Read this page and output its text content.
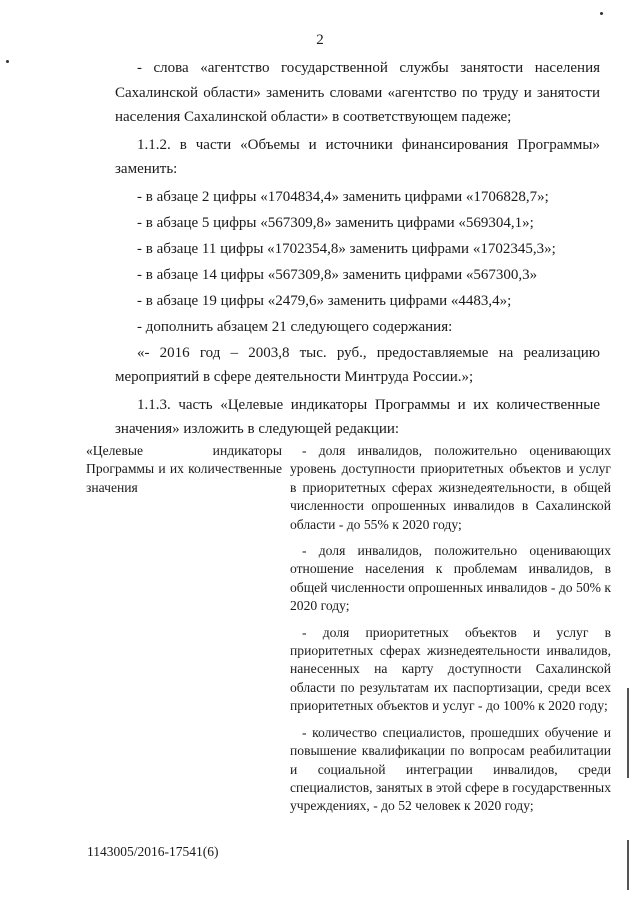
2

- слова «агентство государственной службы занятости населения Сахалинской области» заменить словами «агентство по труду и занятости населения Сахалинской области» в соответствующем падеже;

1.1.2. в части «Объемы и источники финансирования Программы» заменить:

- в абзаце 2 цифры «1704834,4» заменить цифрами «1706828,7»;
- в абзаце 5 цифры «567309,8» заменить цифрами «569304,1»;
- в абзаце 11 цифры «1702354,8» заменить цифрами «1702345,3»;
- в абзаце 14 цифры «567309,8» заменить цифрами «567300,3»
- в абзаце 19 цифры «2479,6» заменить цифрами «4483,4»;
- дополнить абзацем 21 следующего содержания:

«- 2016 год – 2003,8 тыс. руб., предоставляемые на реализацию мероприятий в сфере деятельности Минтруда России.»;

1.1.3. часть «Целевые индикаторы Программы и их количественные значения» изложить в следующей редакции:

«Целевые индикаторы Программы и их количественные значения

- доля инвалидов, положительно оценивающих уровень доступности приоритетных объектов и услуг в приоритетных сферах жизнедеятельности, в общей численности опрошенных инвалидов в Сахалинской области - до 55% к 2020 году;

- доля инвалидов, положительно оценивающих отношение населения к проблемам инвалидов, в общей численности опрошенных инвалидов - до 50% к 2020 году;

- доля приоритетных объектов и услуг в приоритетных сферах жизнедеятельности инвалидов, нанесенных на карту доступности Сахалинской области по результатам их паспортизации, среди всех приоритетных объектов и услуг - до 100% к 2020 году;

- количество специалистов, прошедших обучение и повышение квалификации по вопросам реабилитации и социальной интеграции инвалидов, среди специалистов, занятых в этой сфере в государственных учреждениях, - до 52 человек к 2020 году;

1143005/2016-17541(6)
